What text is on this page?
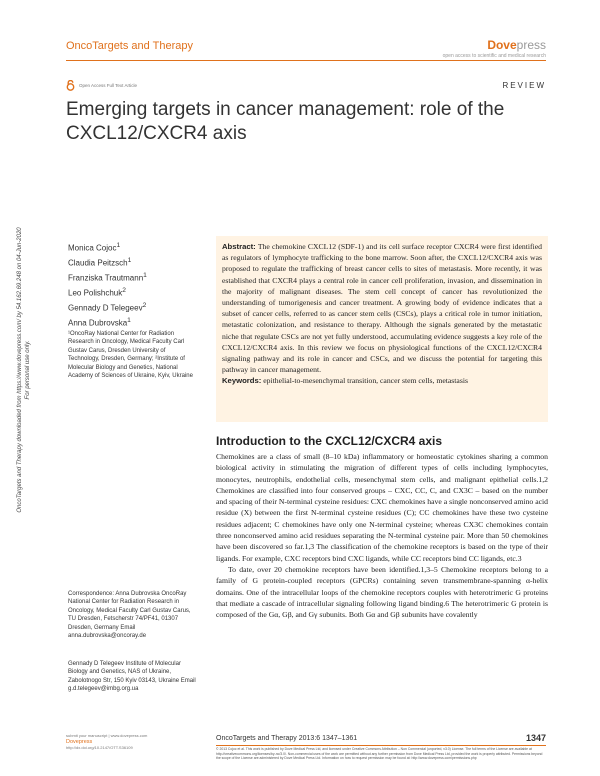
OncoTargets and Therapy	Dovepress
open access to scientific and medical research
Open Access Full Text Article	REVIEW
Emerging targets in cancer management: role of the CXCL12/CXCR4 axis
OncoTargets and Therapy downloaded from https://www.dovepress.com/ by 54.162.69.248 on 04-Jun-2020 For personal use only.
Monica Cojoc$^1$
Claudia Peitzsch$^1$
Franziska Trautmann$^1$
Leo Polishchuk$^2$
Gennady D Telegeev$^2$
Anna Dubrovska$^1$
¹OncoRay National Center for Radiation Research in Oncology, Medical Faculty Carl Gustav Carus, Dresden University of Technology, Dresden, Germany; ²Institute of Molecular Biology and Genetics, National Academy of Sciences of Ukraine, Kyiv, Ukraine
Correspondence: Anna Dubrovska OncoRay National Center for Radiation Research in Oncology, Medical Faculty Carl Gustav Carus, TU Dresden, Fetscherstr 74/PF41, 01307 Dresden, Germany Email anna.dubrovska@oncoray.de
Gennady D Telegeev Institute of Molecular Biology and Genetics, NAS of Ukraine, Zabolotnogo Str, 150 Kyiv 03143, Ukraine Email g.d.telegeev@imbg.org.ua
Abstract: The chemokine CXCL12 (SDF-1) and its cell surface receptor CXCR4 were first identified as regulators of lymphocyte trafficking to the bone marrow. Soon after, the CXCL12/CXCR4 axis was proposed to regulate the trafficking of breast cancer cells to sites of metastasis. More recently, it was established that CXCR4 plays a central role in cancer cell proliferation, invasion, and dissemination in the majority of malignant diseases. The stem cell concept of cancer has revolutionized the understanding of tumorigenesis and cancer treatment. A growing body of evidence indicates that a subset of cancer cells, referred to as cancer stem cells (CSCs), plays a critical role in tumor initiation, metastatic colonization, and resistance to therapy. Although the signals generated by the metastatic niche that regulate CSCs are not yet fully understood, accumulating evidence suggests a key role of the CXCL12/CXCR4 axis. In this review we focus on physiological functions of the CXCL12/CXCR4 signaling pathway and its role in cancer and CSCs, and we discuss the potential for targeting this pathway in cancer management.
Keywords: epithelial-to-mesenchymal transition, cancer stem cells, metastasis
Introduction to the CXCL12/CXCR4 axis

Chemokines are a class of small (8–10 kDa) inflammatory or homeostatic cytokines sharing a common biological activity in stimulating the migration of different types of cells including lymphocytes, monocytes, neutrophils, endothelial cells, mesenchymal stem cells, and malignant epithelial cells.1,2 Chemokines are classified into four conserved groups – CXC, CC, C, and CX3C – based on the number and spacing of their N-terminal cysteine residues: CXC chemokines have a single nonconserved amino acid residue (X) between the first N-terminal cysteine residues (C); CC chemokines have these two cysteine residues adjacent; C chemokines have only one N-terminal cysteine; whereas CX3C chemokines contain three nonconserved amino acid residues separating the N-terminal cysteine pair. More than 50 chemokines have been discovered so far.1,3 The classification of the chemokine receptors is based on the type of their ligands. For example, CXC receptors bind CXC ligands, while CC receptors bind CC ligands, etc.3

To date, over 20 chemokine receptors have been identified.1,3–5 Chemokine receptors belong to a family of G protein-coupled receptors (GPCRs) containing seven transmembrane-spanning α-helix domains. One of the intracellular loops of the chemokine receptors couples with heterotrimeric G proteins that mediate a cascade of intracellular signaling following ligand binding.6 The heterotrimeric G protein is composed of the Gα, Gβ, and Gγ subunits. Both Gα and Gβ subunits have covalently

submit your manuscript | www.dovepress.com
Dovepress
http://dx.doi.org/10.2147/OTT.S36109
OncoTargets and Therapy 2013:6 1347–1361	1347
© 2013 Cojoc et al. This work is published by Dove Medical Press Ltd, and licensed under Creative Commons Attribution – Non Commercial (unported, v3.0) License. The full terms of the License are available at http://creativecommons.org/licenses/by-nc/3.0/. Non-commercial uses of the work are permitted without any further permission from Dove Medical Press Ltd, provided the work is properly attributed. Permissions beyond the scope of the License are administered by Dove Medical Press Ltd. Information on how to request permission may be found at: http://www.dovepress.com/permissions.php
